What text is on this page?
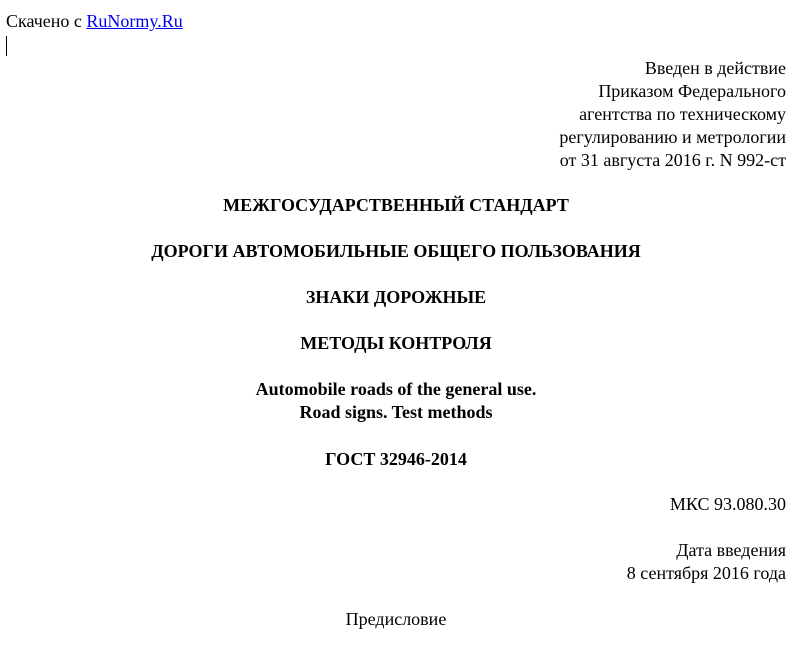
Скачено с RuNormy.Ru
Введен в действие
Приказом Федерального
агентства по техническому
регулированию и метрологии
от 31 августа 2016 г. N 992-ст
МЕЖГОСУДАРСТВЕННЫЙ СТАНДАРТ
ДОРОГИ АВТОМОБИЛЬНЫЕ ОБЩЕГО ПОЛЬЗОВАНИЯ
ЗНАКИ ДОРОЖНЫЕ
МЕТОДЫ КОНТРОЛЯ
Automobile roads of the general use.
Road signs. Test methods
ГОСТ 32946-2014
МКС 93.080.30
Дата введения
8 сентября 2016 года
Предисловие
